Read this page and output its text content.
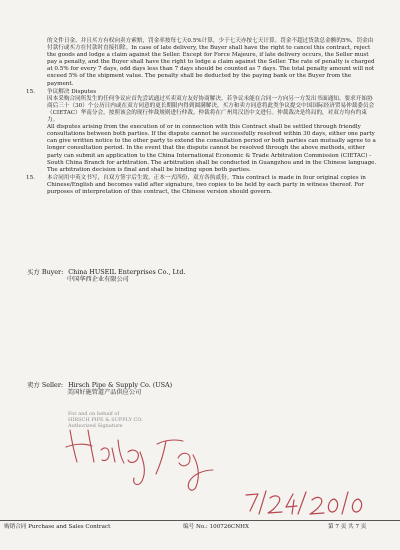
的文件日金、并且买方有权向卖方索赔，罚金率按每七天0.5%计算，少于七天亦按七天计算。罚金不超过货款总金额的5%，罚金由付款行或买方在付款时直接扣除。In case of late delivery, the Buyer shall have the right to cancel this contract, reject the goods and lodge a claim against the Seller. Except for Force Majeure, if late delivery occurs, the Seller must pay a penalty, and the Buyer shall have the right to lodge a claim against the Seller. The rate of penalty is charged at 0.5% for every 7 days, odd days less than 7 days should be counted as 7 days. The total penalty amount will not exceed 5% of the shipment value. The penalty shall be deducted by the paying bank or the Buyer from the payment.

15. 争议解决 Disputes

因本采购合同所发生的任何争议应首先尝试通过买卖双方友好协商解决。若争议未能在合同一方向另一方发出书面通知、要求开始协商后三十（30）个公历日内或在双方同意的更长期限内得到圆满解决，买方和卖方同意将此类争议提交中国国际经济贸易仲裁委员会（CIETAC）华南分会，按照该会的现行仲裁规则进行仲裁。仲裁将在广州用汉语中文进行。仲裁裁决是终局的，对双方均有约束力。

All disputes arising from the execution of or in connection with this Contract shall be settled through friendly consultations between both parties. If the dispute cannot be successfully resolved within 30 days, either one party can give written notice to the other party to extend the consultation period or both parties can mutually agree to a longer consultation period. In the event that the dispute cannot be resolved through the above methods, either party can submit an application to the China International Economic & Trade Arbitration Commission (CIETAC) - South China Branch for arbitration. The arbitration shall be conducted in Guangzhou and in the Chinese language. The arbitration decision is final and shall be binding upon both parties.

15. 本合同用中英文书写，自双方签字后生效。正本一式四份，双方各执贰份。This contract is made in four original copies in Chinese/English and becomes valid after signature, two copies to be held by each party in witness thereof. For purposes of interpretation of this contract, the Chinese version should govern.
买方 Buyer: China HUSEIL Enterprises Co., Ltd.
中国华西企业有限公司
卖方 Seller: Hirsch Pipe & Supply Co. (USA)
美国好施管道产品供应公司
For and on behalf of
HIRSCH PIPE & SUPPLY CO.
Authorized Signature
购销合同 Purchase and Sales Contract	编号 No.: 100726CNHX	第 7 页 共 7 页
